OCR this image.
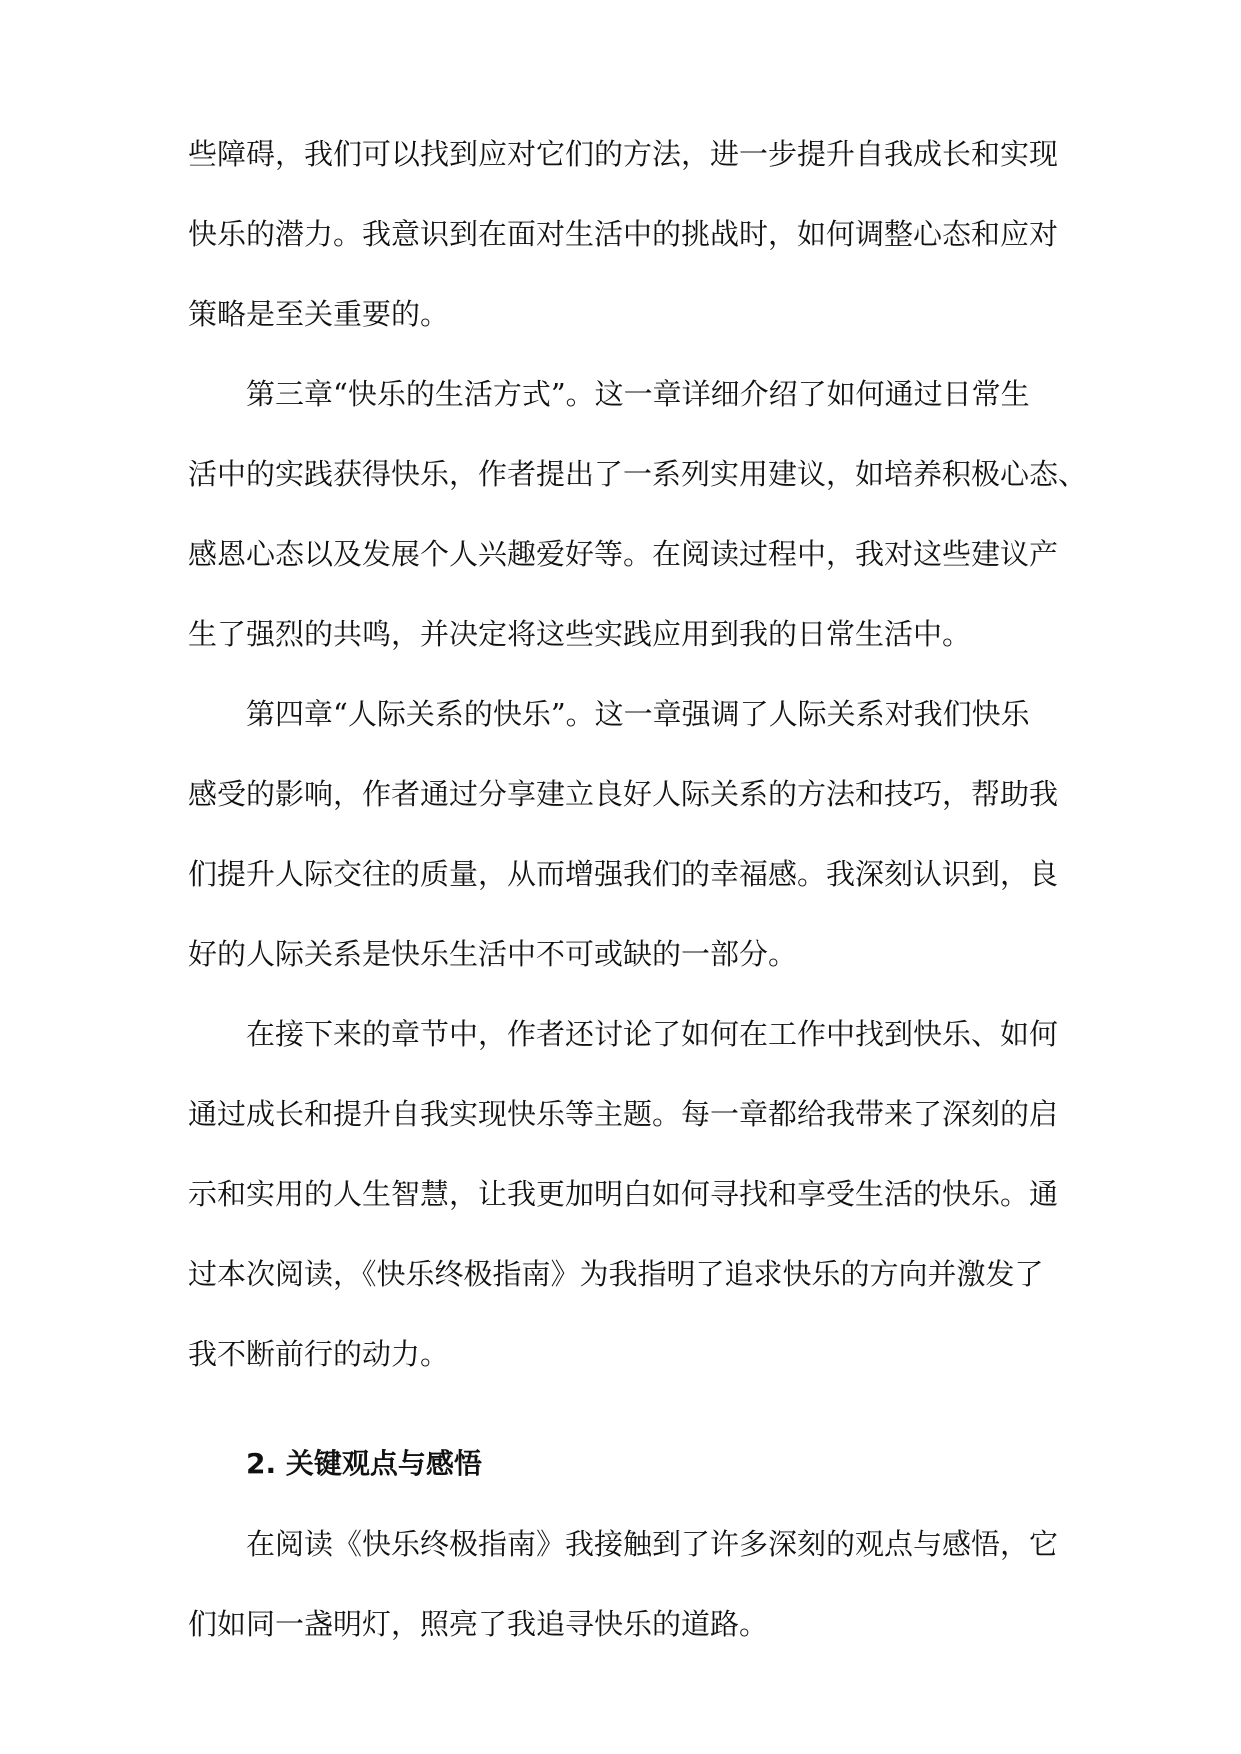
些障碍，我们可以找到应对它们的方法，进一步提升自我成长和实现
快乐的潜力。我意识到在面对生活中的挑战时，如何调整心态和应对
策略是至关重要的。
第三章“快乐的生活方式”。这一章详细介绍了如何通过日常生
活中的实践获得快乐，作者提出了一系列实用建议，如培养积极心态、
感恩心态以及发展个人兴趣爱好等。在阅读过程中，我对这些建议产
生了强烈的共鸣，并决定将这些实践应用到我的日常生活中。
第四章“人际关系的快乐”。这一章强调了人际关系对我们快乐
感受的影响，作者通过分享建立良好人际关系的方法和技巧，帮助我
们提升人际交往的质量，从而增强我们的幸福感。我深刻认识到，良
好的人际关系是快乐生活中不可或缺的一部分。
在接下来的章节中，作者还讨论了如何在工作中找到快乐、如何
通过成长和提升自我实现快乐等主题。每一章都给我带来了深刻的启
示和实用的人生智慧，让我更加明白如何寻找和享受生活的快乐。通
过本次阅读，《快乐终极指南》为我指明了追求快乐的方向并激发了
我不断前行的动力。
2. 关键观点与感悟
在阅读《快乐终极指南》我接触到了许多深刻的观点与感悟，它
们如同一盏明灯，照亮了我追寻快乐的道路。
